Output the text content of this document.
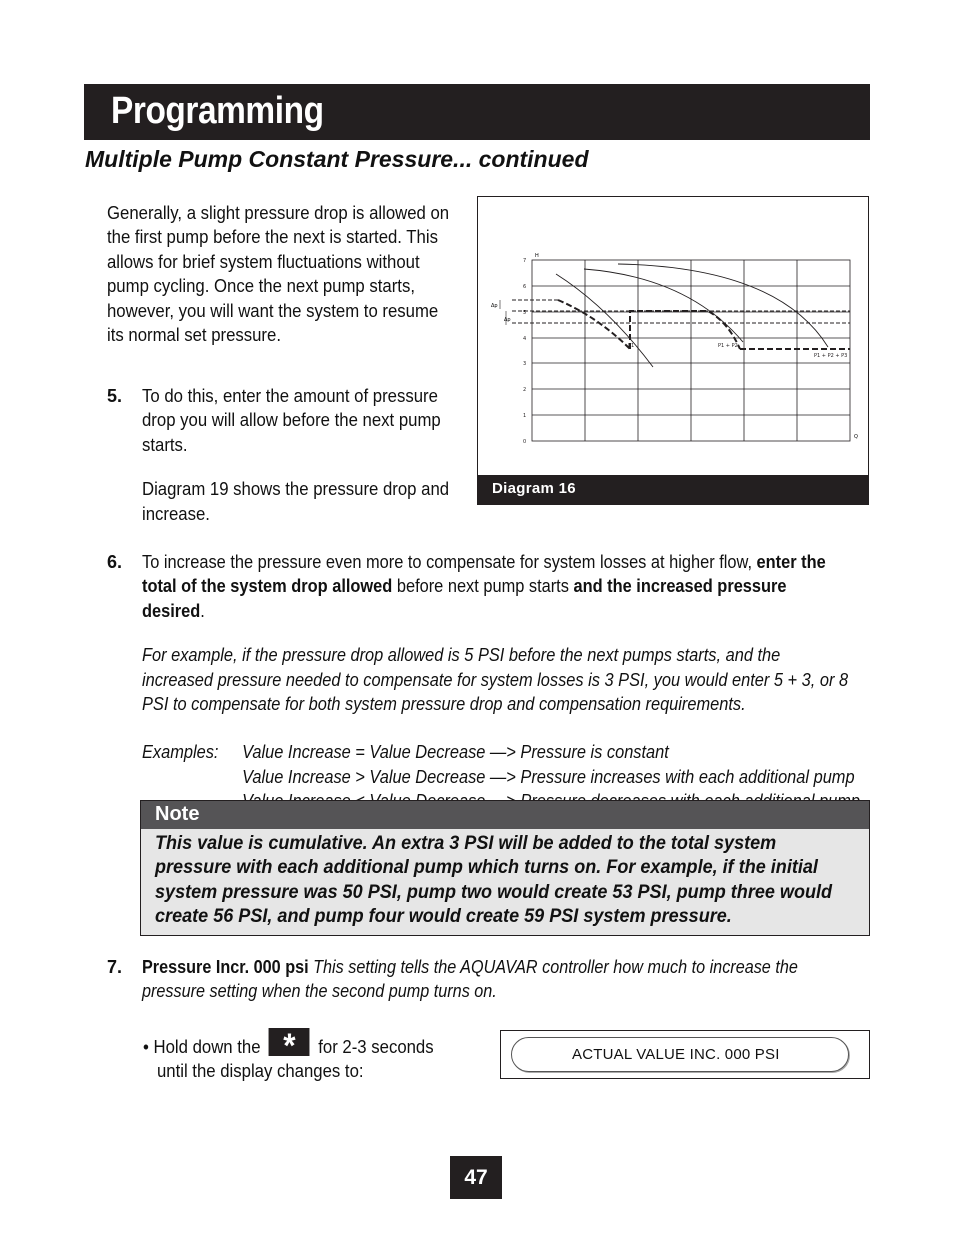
Programming
Multiple Pump Constant Pressure... continued
Generally, a slight pressure drop is allowed on the first pump before the next is started. This allows for brief system fluctuations without pump cycling. Once the next pump starts, however, you will want the system to resume its normal set pressure.
5. To do this, enter the amount of pressure drop you will allow before the next pump starts.

Diagram 19 shows the pressure drop and increase.

H
Q
0
1
2
3
4
5
6
7
Δp
Δp
P1	P1 + P2
P1 + P2 + P3
Diagram 16
6. To increase the pressure even more to compensate for system losses at higher flow, enter the total of the system drop allowed before next pump starts and the increased pressure desired.

For example, if the pressure drop allowed is 5 PSI before the next pumps starts, and the increased pressure needed to compensate for system losses is 3 PSI, you would enter 5 + 3, or 8 PSI to compensate for both system pressure drop and compensation requirements.

Examples: Value Increase = Value Decrease —> Pressure is constant
Value Increase > Value Decrease —> Pressure increases with each additional pump
Note
This value is cumulative. An extra 3 PSI will be added to the total system pressure with each additional pump which turns on. For example, if the initial system pressure was 50 PSI, pump two would create 53 PSI, pump three would create 56 PSI, and pump four would create 59 PSI system pressure.
7. Pressure Incr. 000 psi This setting tells the AQUAVAR controller how much to increase the pressure setting when the second pump turns on.
• Hold down the * for 2-3 seconds
until the display changes to:
ACTUAL VALUE INC. 000 PSI
47
